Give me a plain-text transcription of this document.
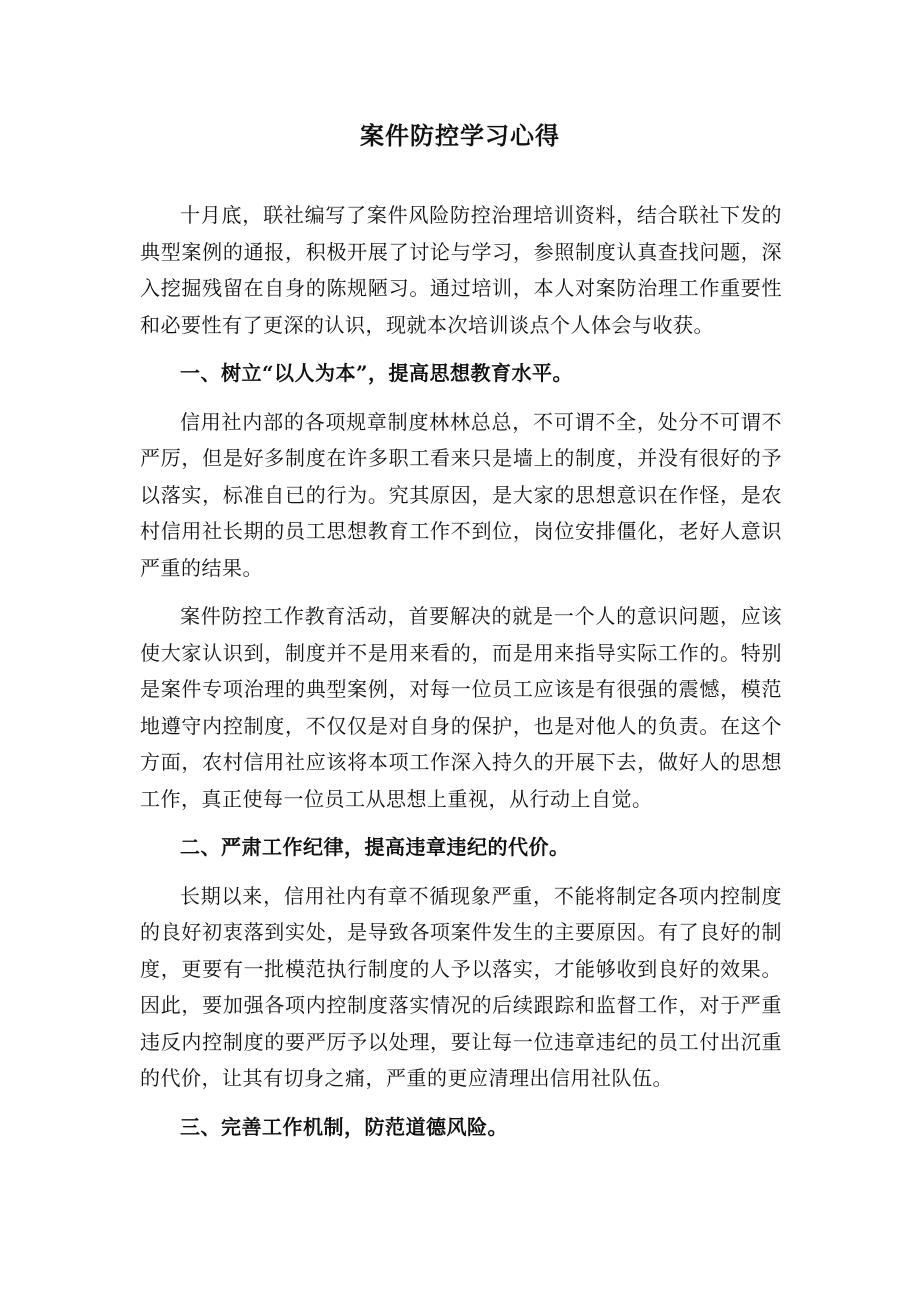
案件防控学习心得

十月底，联社编写了案件风险防控治理培训资料，结合联社下发的典型案例的通报，积极开展了讨论与学习，参照制度认真查找问题，深入挖掘残留在自身的陈规陋习。通过培训，本人对案防治理工作重要性和必要性有了更深的认识，现就本次培训谈点个人体会与收获。

一、树立“以人为本”，提高思想教育水平。

信用社内部的各项规章制度林林总总，不可谓不全，处分不可谓不严厉，但是好多制度在许多职工看来只是墙上的制度，并没有很好的予以落实，标准自已的行为。究其原因，是大家的思想意识在作怪，是农村信用社长期的员工思想教育工作不到位，岗位安排僵化，老好人意识严重的结果。

案件防控工作教育活动，首要解决的就是一个人的意识问题，应该使大家认识到，制度并不是用来看的，而是用来指导实际工作的。特别是案件专项治理的典型案例，对每一位员工应该是有很强的震憾，模范地遵守内控制度，不仅仅是对自身的保护，也是对他人的负责。在这个方面，农村信用社应该将本项工作深入持久的开展下去，做好人的思想工作，真正使每一位员工从思想上重视，从行动上自觉。

二、严肃工作纪律，提高违章违纪的代价。

长期以来，信用社内有章不循现象严重，不能将制定各项内控制度的良好初衷落到实处，是导致各项案件发生的主要原因。有了良好的制度，更要有一批模范执行制度的人予以落实，才能够收到良好的效果。因此，要加强各项内控制度落实情况的后续跟踪和监督工作，对于严重违反内控制度的要严厉予以处理，要让每一位违章违纪的员工付出沉重的代价，让其有切身之痛，严重的更应清理出信用社队伍。

三、完善工作机制，防范道德风险。
